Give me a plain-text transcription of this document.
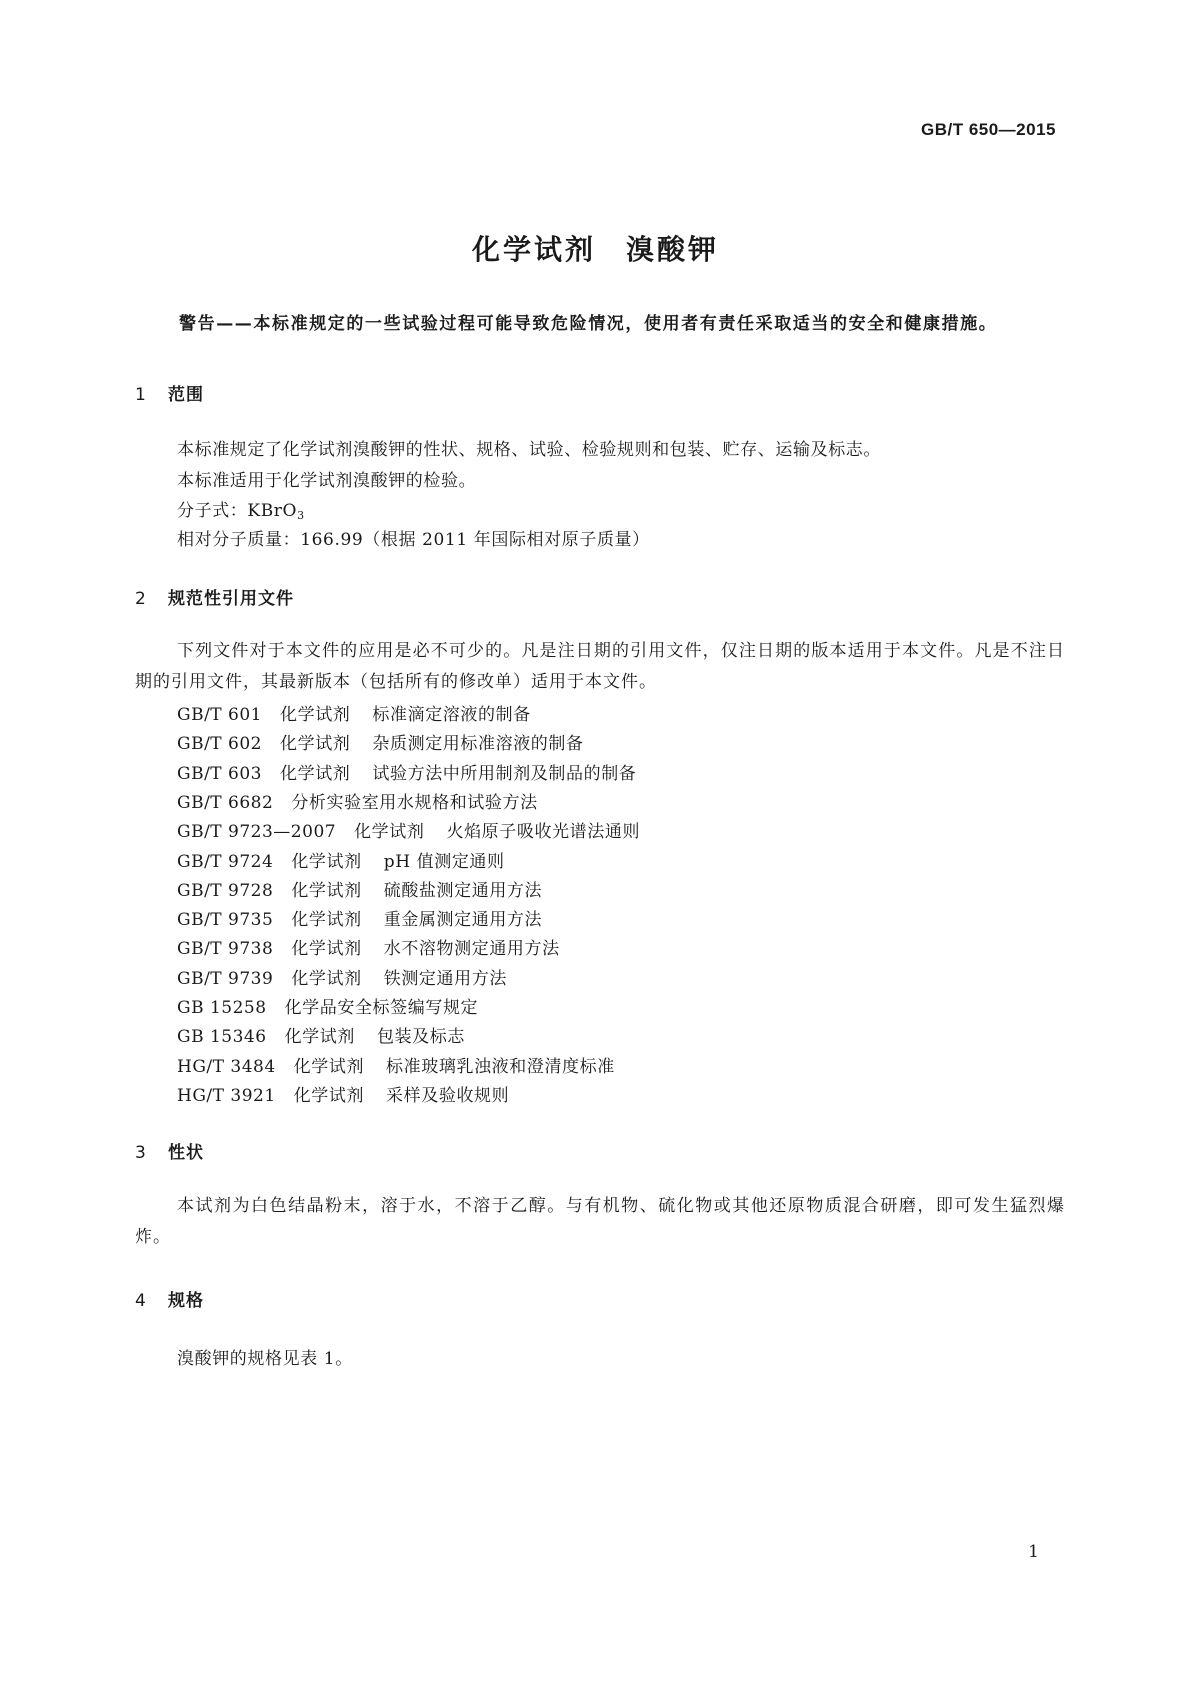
GB/T 650—2015
化学试剂 溴酸钾
警告——本标准规定的一些试验过程可能导致危险情况，使用者有责任采取适当的安全和健康措施。
1 范围
本标准规定了化学试剂溴酸钾的性状、规格、试验、检验规则和包装、贮存、运输及标志。
本标准适用于化学试剂溴酸钾的检验。
分子式：KBrO$_3$
相对分子质量：166.99（根据 2011 年国际相对原子质量）
2 规范性引用文件
下列文件对于本文件的应用是必不可少的。凡是注日期的引用文件，仅注日期的版本适用于本文件。凡是不注日期的引用文件，其最新版本（包括所有的修改单）适用于本文件。
GB/T 601 化学试剂 标准滴定溶液的制备
GB/T 602 化学试剂 杂质测定用标准溶液的制备
GB/T 603 化学试剂 试验方法中所用制剂及制品的制备
GB/T 6682 分析实验室用水规格和试验方法
GB/T 9723—2007 化学试剂 火焰原子吸收光谱法通则
GB/T 9724 化学试剂 pH 值测定通则
GB/T 9728 化学试剂 硫酸盐测定通用方法
GB/T 9735 化学试剂 重金属测定通用方法
GB/T 9738 化学试剂 水不溶物测定通用方法
GB/T 9739 化学试剂 铁测定通用方法
GB 15258 化学品安全标签编写规定
GB 15346 化学试剂 包装及标志
HG/T 3484 化学试剂 标准玻璃乳浊液和澄清度标准
HG/T 3921 化学试剂 采样及验收规则
3 性状
本试剂为白色结晶粉末，溶于水，不溶于乙醇。与有机物、硫化物或其他还原物质混合研磨，即可发生猛烈爆炸。
4 规格
溴酸钾的规格见表 1。
1
